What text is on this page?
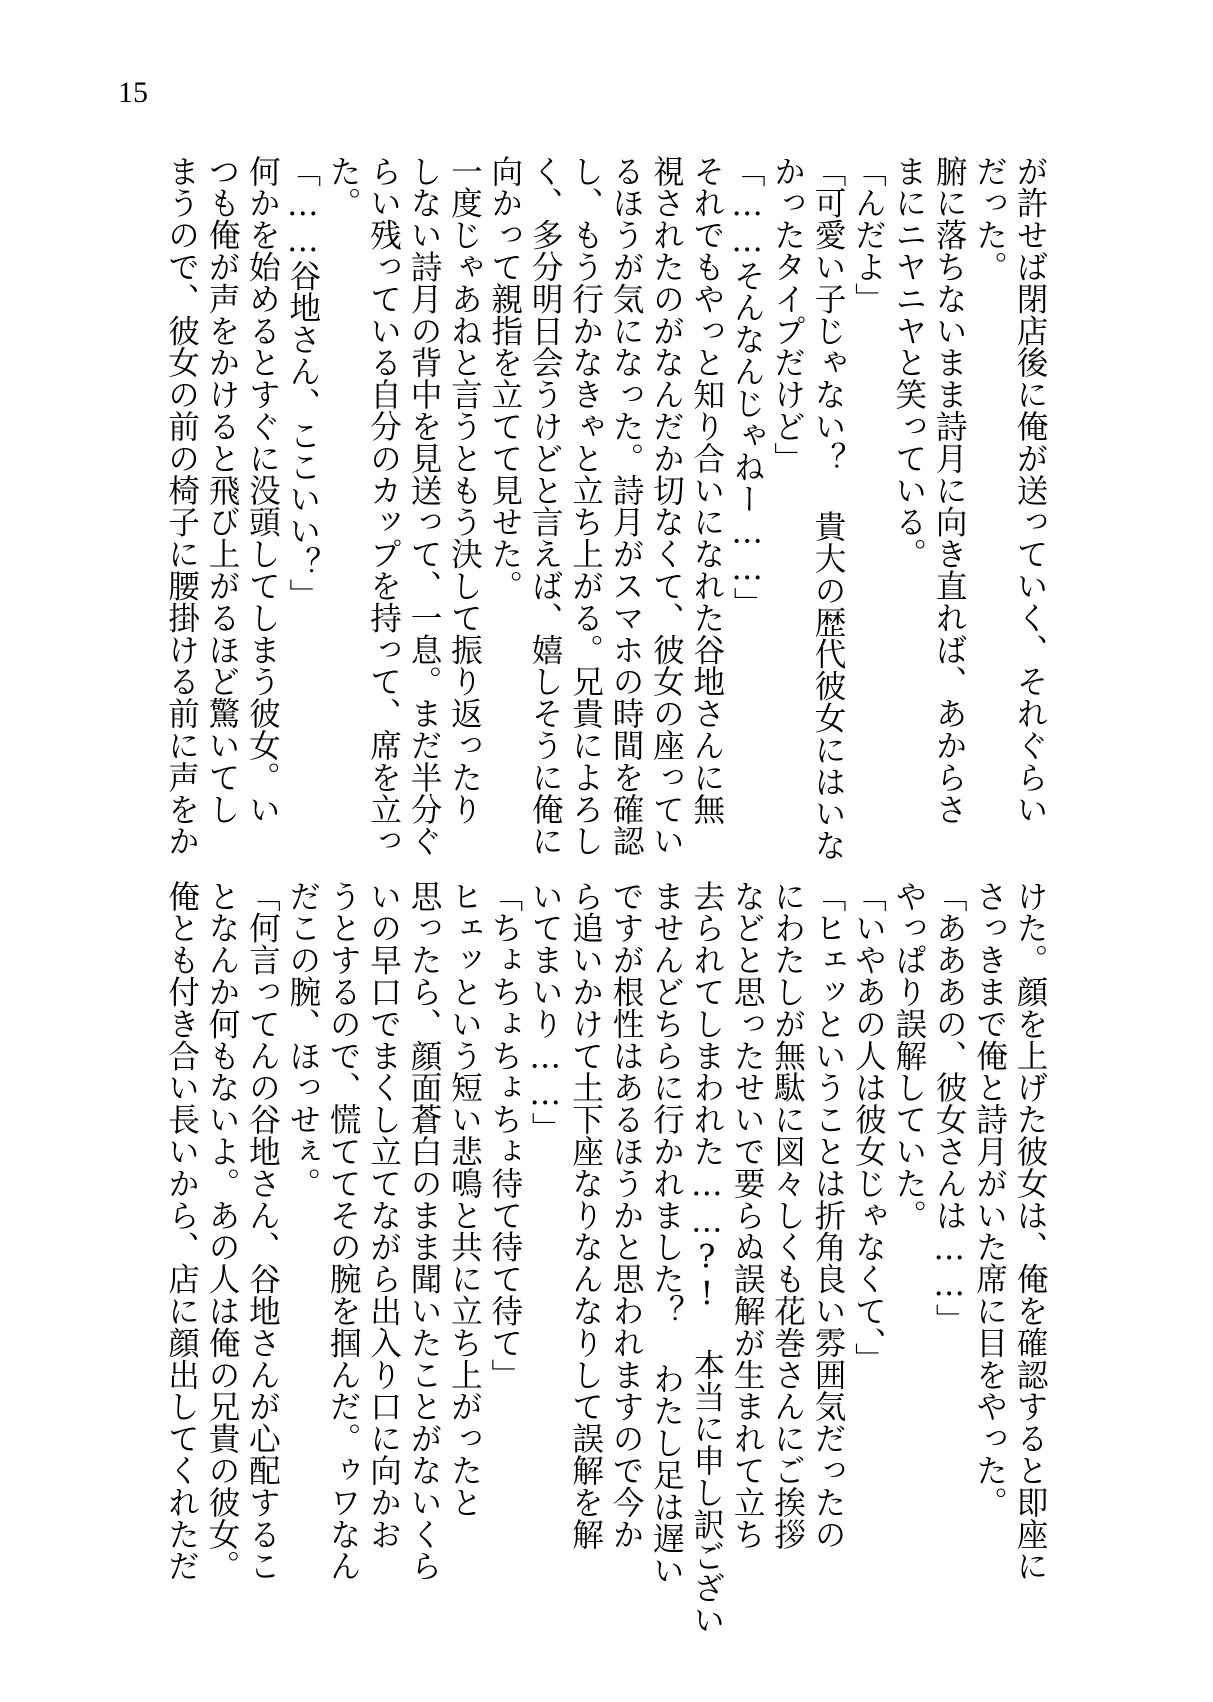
15
が許せば閉店後に俺が送っていく、それぐらい
だった。
腑に落ちないまま詩月に向き直れば、あからさ
まにニヤニヤと笑っている。
「んだよ」
「可愛い子じゃない？ 貴大の歴代彼女にはいな
かったタイプだけど」
「……そんなんじゃねー……」
それでもやっと知り合いになれた谷地さんに無
視されたのがなんだか切なくて、彼女の座ってい
るほうが気になった。詩月がスマホの時間を確認
し、もう行かなきゃと立ち上がる。兄貴によろし
く、多分明日会うけどと言えば、嬉しそうに俺に
向かって親指を立てて見せた。
一度じゃあねと言うともう決して振り返ったり
しない詩月の背中を見送って、一息。まだ半分ぐ
らい残っている自分のカップを持って、席を立っ
た。
「……谷地さん、ここいい？」
何かを始めるとすぐに没頭してしまう彼女。い
つも俺が声をかけると飛び上がるほど驚いてし
まうので、彼女の前の椅子に腰掛ける前に声をか
けた。顔を上げた彼女は、俺を確認すると即座に
さっきまで俺と詩月がいた席に目をやった。
「あああの、彼女さんは……」
やっぱり誤解していた。
「いやあの人は彼女じゃなくて、」
「ヒェッということは折角良い雰囲気だったの
にわたしが無駄に図々しくも花巻さんにご挨拶
などと思ったせいで要らぬ誤解が生まれて立ち
去られてしまわれた……?! 本当に申し訳ござい
ませんどちらに行かれました？ わたし足は遅い
ですが根性はあるほうかと思われますので今か
ら追いかけて土下座なりなんなりして誤解を解
いてまいり……」
「ちょちょちょちょ待て待て待て」
ヒェッという短い悲鳴と共に立ち上がったと
思ったら、顔面蒼白のまま聞いたことがないくら
いの早口でまくし立てながら出入り口に向かお
うとするので、慌ててその腕を掴んだ。ゥワなん
だこの腕、ほっせぇ。
「何言ってんの谷地さん、谷地さんが心配するこ
となんか何もないよ。あの人は俺の兄貴の彼女。
俺とも付き合い長いから、店に顔出してくれただ
